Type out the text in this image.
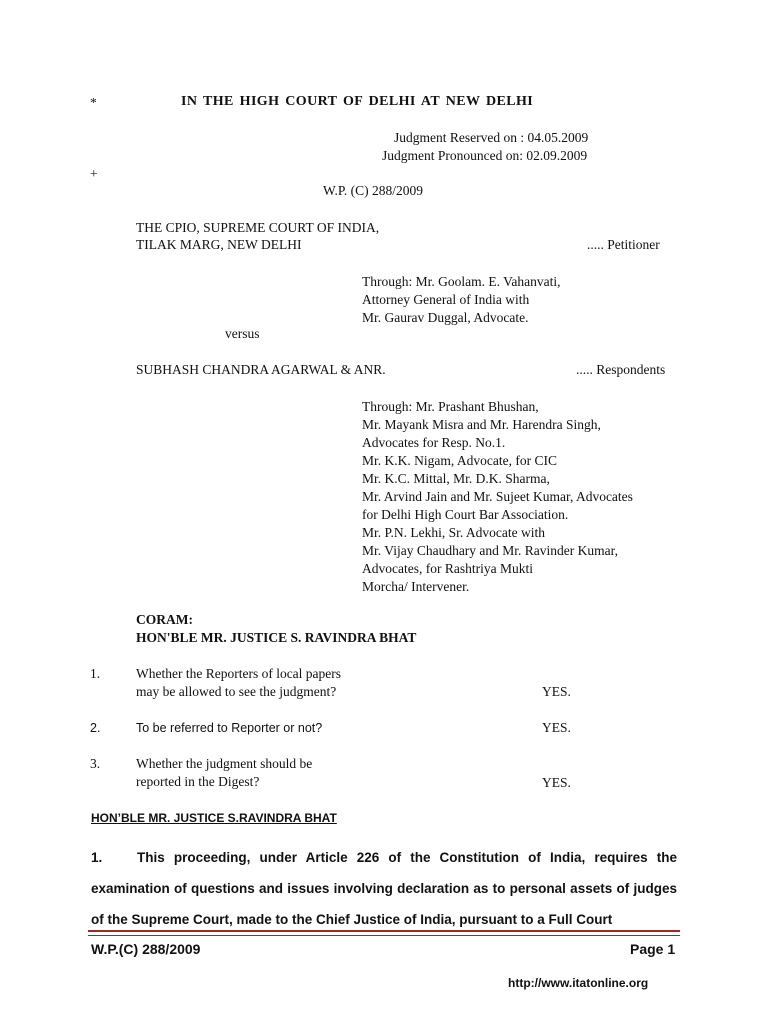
*	IN THE HIGH COURT OF DELHI AT NEW DELHI
Judgment Reserved on : 04.05.2009
Judgment Pronounced on: 02.09.2009
+
W.P. (C) 288/2009
THE CPIO, SUPREME COURT OF INDIA,
TILAK MARG, NEW DELHI	..... Petitioner
Through: Mr. Goolam. E. Vahanvati,
Attorney General of India with
Mr. Gaurav Duggal, Advocate.
versus
SUBHASH CHANDRA AGARWAL & ANR.	..... Respondents
Through: Mr. Prashant Bhushan,
Mr. Mayank Misra and Mr. Harendra Singh,
Advocates for Resp. No.1.
Mr. K.K. Nigam, Advocate, for CIC
Mr. K.C. Mittal, Mr. D.K. Sharma,
Mr. Arvind Jain and Mr. Sujeet Kumar, Advocates
for Delhi High Court Bar Association.
Mr. P.N. Lekhi, Sr. Advocate with
Mr. Vijay Chaudhary and Mr. Ravinder Kumar,
Advocates, for Rashtriya Mukti
Morcha/ Intervener.
CORAM:
HON'BLE MR. JUSTICE S. RAVINDRA BHAT
1.	Whether the Reporters of local papers
may be allowed to see the judgment?	YES.
2.	To be referred to Reporter or not?	YES.
3.	Whether the judgment should be
reported in the Digest?	YES.
HON’BLE MR. JUSTICE S.RAVINDRA BHAT
1.	This proceeding, under Article 226 of the Constitution of India, requires the examination of questions and issues involving declaration as to personal assets of judges of the Supreme Court, made to the Chief Justice of India, pursuant to a Full Court
W.P.(C) 288/2009	Page 1
http://www.itatonline.org
